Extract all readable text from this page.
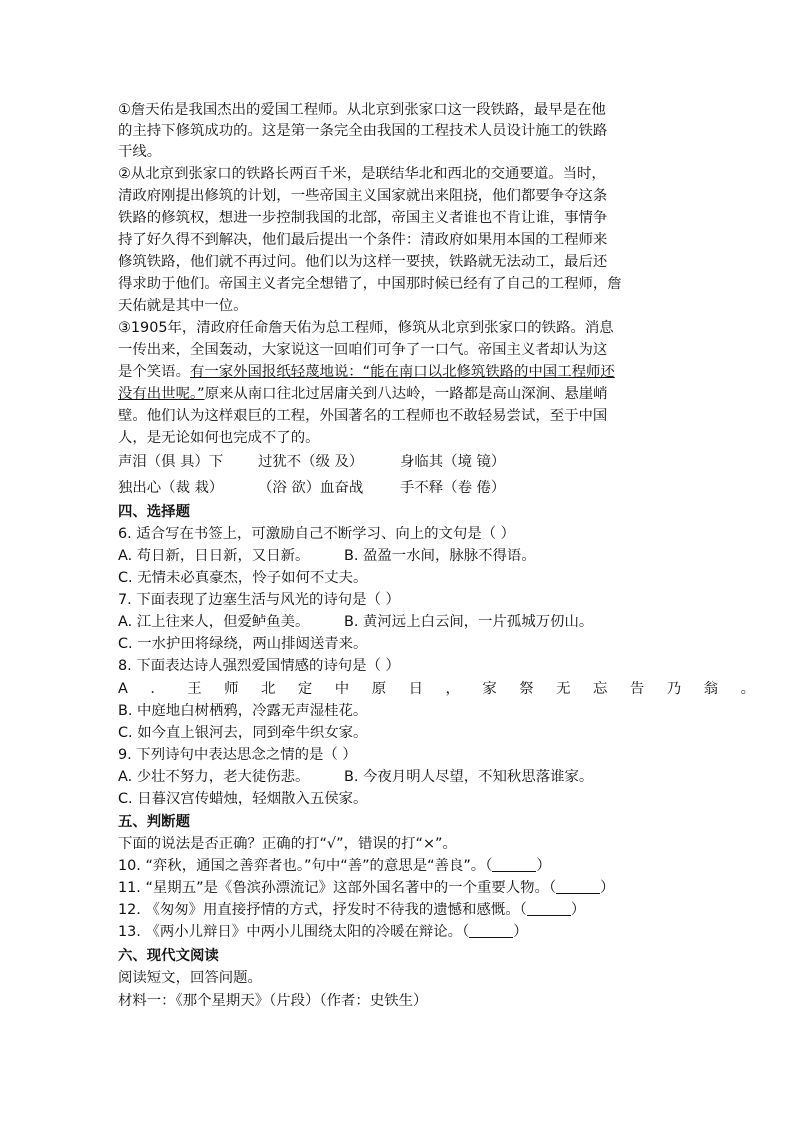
①詹天佑是我国杰出的爱国工程师。从北京到张家口这一段铁路，最早是在他
的主持下修筑成功的。这是第一条完全由我国的工程技术人员设计施工的铁路
干线。
②从北京到张家口的铁路长两百千米，是联结华北和西北的交通要道。当时，
清政府刚提出修筑的计划，一些帝国主义国家就出来阻挠，他们都要争夺这条
铁路的修筑权，想进一步控制我国的北部，帝国主义者谁也不肯让谁，事情争
持了好久得不到解决，他们最后提出一个条件：清政府如果用本国的工程师来
修筑铁路，他们就不再过问。他们以为这样一要挟，铁路就无法动工，最后还
得求助于他们。帝国主义者完全想错了，中国那时候已经有了自己的工程师，詹
天佑就是其中一位。
③1905年，清政府任命詹天佑为总工程师，修筑从北京到张家口的铁路。消息
一传出来，全国轰动，大家说这一回咱们可争了一口气。帝国主义者却认为这
是个笑语。有一家外国报纸轻蔑地说：“能在南口以北修筑铁路的中国工程师还
没有出世呢。”原来从南口往北过居庸关到八达岭，一路都是高山深涧、悬崖峭
壁。他们认为这样艰巨的工程，外国著名的工程师也不敢轻易尝试，至于中国
人，是无论如何也完成不了的。
声泪（俱 具）下 过犹不（级 及）	身临其（境 镜）
独出心（裁 栽） （浴 欲）血奋战	手不释（卷 倦）
四、选择题
6. 适合写在书签上，可激励自己不断学习、向上的文句是（ ）
A. 苟日新，日日新，又日新。 B. 盈盈一水间，脉脉不得语。
C. 无情未必真豪杰，怜子如何不丈夫。
7. 下面表现了边塞生活与风光的诗句是（ ）
A. 江上往来人，但爱鲈鱼美。 B. 黄河远上白云间，一片孤城万仞山。
C. 一水护田将绿绕，两山排闼送青来。
8. 下面表达诗人强烈爱国情感的诗句是（ ）
A．王师北定中原日，家祭无忘告乃翁。
B. 中庭地白树栖鸦，冷露无声湿桂花。
C. 如今直上银河去，同到牵牛织女家。
9. 下列诗句中表达思念之情的是（ ）
A. 少壮不努力，老大徒伤悲。 B. 今夜月明人尽望，不知秋思落谁家。
C. 日暮汉宫传蜡烛，轻烟散入五侯家。
五、判断题
下面的说法是否正确？正确的打“√”，错误的打“×”。
10. “弈秋，通国之善弈者也。”句中“善”的意思是“善良”。（	）
11. “星期五”是《鲁滨孙漂流记》这部外国名著中的一个重要人物。（	）
12. 《匆匆》用直接抒情的方式，抒发时不待我的遗憾和感慨。（	）
13. 《两小儿辩日》中两小儿围绕太阳的冷暖在辩论。（	）
六、现代文阅读
阅读短文，回答问题。
材料一：《那个星期天》（片段）（作者：史铁生）
